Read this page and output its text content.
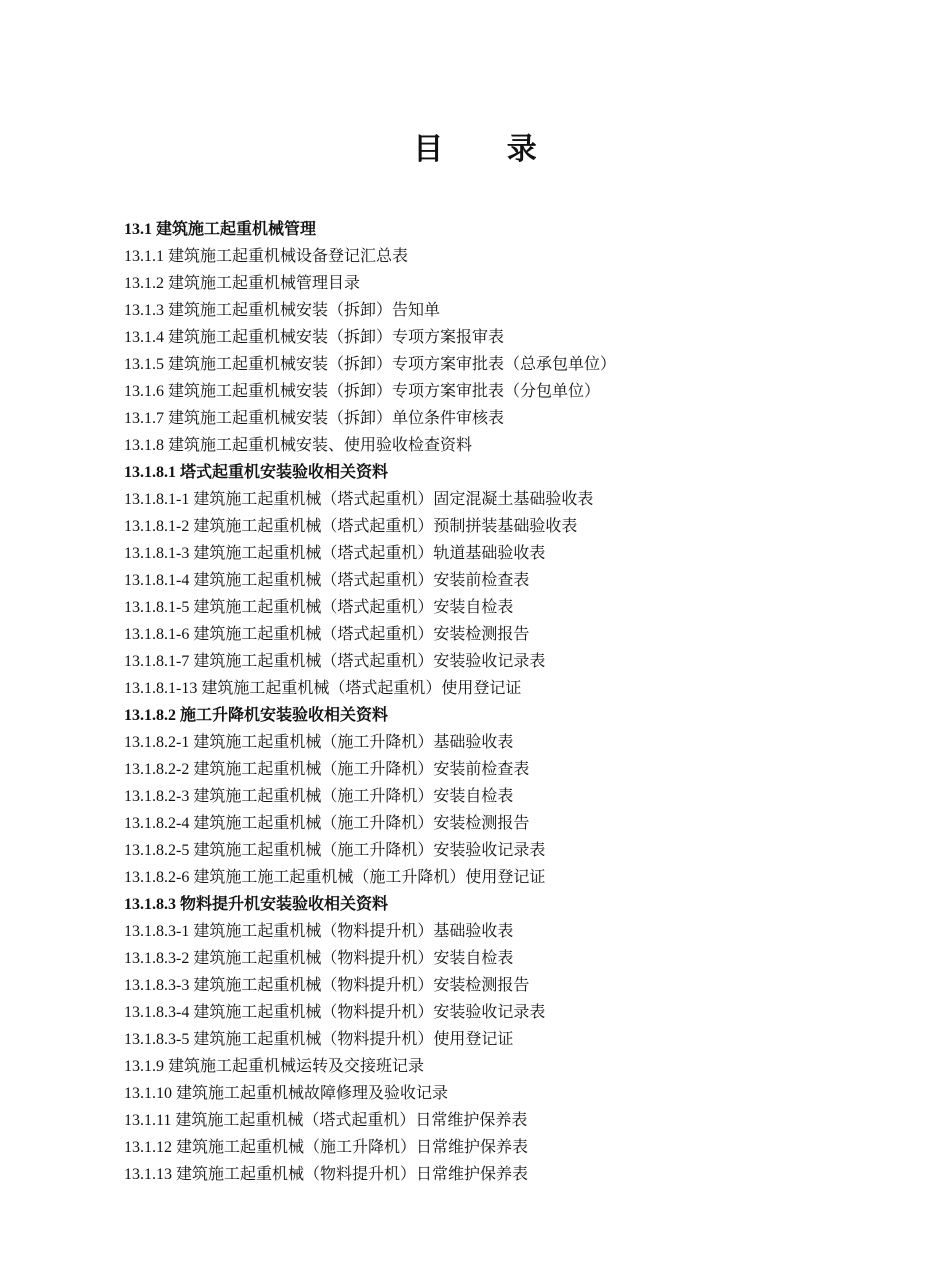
目 录
13.1 建筑施工起重机械管理
13.1.1 建筑施工起重机械设备登记汇总表
13.1.2 建筑施工起重机械管理目录
13.1.3 建筑施工起重机械安装（拆卸）告知单
13.1.4 建筑施工起重机械安装（拆卸）专项方案报审表
13.1.5 建筑施工起重机械安装（拆卸）专项方案审批表（总承包单位）
13.1.6 建筑施工起重机械安装（拆卸）专项方案审批表（分包单位）
13.1.7 建筑施工起重机械安装（拆卸）单位条件审核表
13.1.8 建筑施工起重机械安装、使用验收检查资料
13.1.8.1 塔式起重机安装验收相关资料
13.1.8.1-1 建筑施工起重机械（塔式起重机）固定混凝土基础验收表
13.1.8.1-2 建筑施工起重机械（塔式起重机）预制拼装基础验收表
13.1.8.1-3 建筑施工起重机械（塔式起重机）轨道基础验收表
13.1.8.1-4 建筑施工起重机械（塔式起重机）安装前检查表
13.1.8.1-5 建筑施工起重机械（塔式起重机）安装自检表
13.1.8.1-6 建筑施工起重机械（塔式起重机）安装检测报告
13.1.8.1-7 建筑施工起重机械（塔式起重机）安装验收记录表
13.1.8.1-13 建筑施工起重机械（塔式起重机）使用登记证
13.1.8.2 施工升降机安装验收相关资料
13.1.8.2-1 建筑施工起重机械（施工升降机）基础验收表
13.1.8.2-2 建筑施工起重机械（施工升降机）安装前检查表
13.1.8.2-3 建筑施工起重机械（施工升降机）安装自检表
13.1.8.2-4 建筑施工起重机械（施工升降机）安装检测报告
13.1.8.2-5 建筑施工起重机械（施工升降机）安装验收记录表
13.1.8.2-6 建筑施工施工起重机械（施工升降机）使用登记证
13.1.8.3 物料提升机安装验收相关资料
13.1.8.3-1 建筑施工起重机械（物料提升机）基础验收表
13.1.8.3-2 建筑施工起重机械（物料提升机）安装自检表
13.1.8.3-3 建筑施工起重机械（物料提升机）安装检测报告
13.1.8.3-4 建筑施工起重机械（物料提升机）安装验收记录表
13.1.8.3-5 建筑施工起重机械（物料提升机）使用登记证
13.1.9 建筑施工起重机械运转及交接班记录
13.1.10 建筑施工起重机械故障修理及验收记录
13.1.11 建筑施工起重机械（塔式起重机）日常维护保养表
13.1.12 建筑施工起重机械（施工升降机）日常维护保养表
13.1.13 建筑施工起重机械（物料提升机）日常维护保养表
